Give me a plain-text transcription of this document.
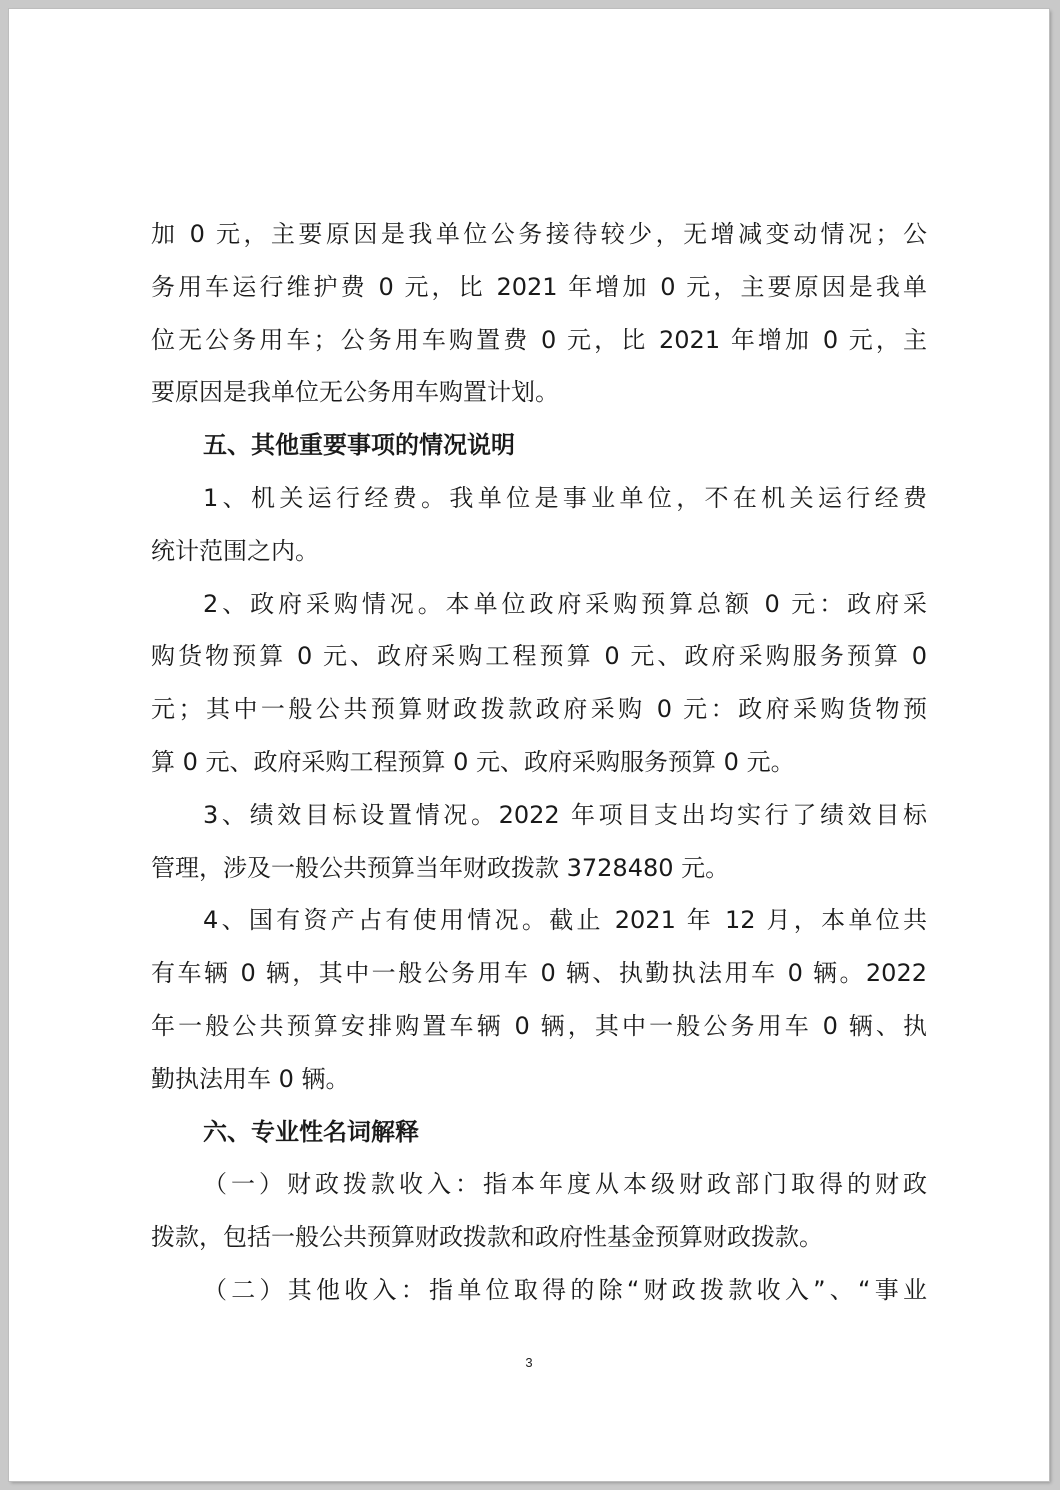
加 0 元，主要原因是我单位公务接待较少，无增减变动情况；公
务用车运行维护费 0 元，比 2021 年增加 0 元，主要原因是我单
位无公务用车；公务用车购置费 0 元，比 2021 年增加 0 元，主
要原因是我单位无公务用车购置计划。
五、其他重要事项的情况说明
1、机关运行经费。我单位是事业单位，不在机关运行经费
统计范围之内。
2、政府采购情况。本单位政府采购预算总额 0 元：政府采
购货物预算 0 元、政府采购工程预算 0 元、政府采购服务预算 0
元；其中一般公共预算财政拨款政府采购 0 元：政府采购货物预
算 0 元、政府采购工程预算 0 元、政府采购服务预算 0 元。
3、绩效目标设置情况。2022 年项目支出均实行了绩效目标
管理，涉及一般公共预算当年财政拨款 3728480 元。
4、国有资产占有使用情况。截止 2021 年 12 月，本单位共
有车辆 0 辆，其中一般公务用车 0 辆、执勤执法用车 0 辆。2022
年一般公共预算安排购置车辆 0 辆，其中一般公务用车 0 辆、执
勤执法用车 0 辆。
六、专业性名词解释
（一）财政拨款收入：指本年度从本级财政部门取得的财政
拨款，包括一般公共预算财政拨款和政府性基金预算财政拨款。
（二）其他收入：指单位取得的除“财政拨款收入”、“事业
3
